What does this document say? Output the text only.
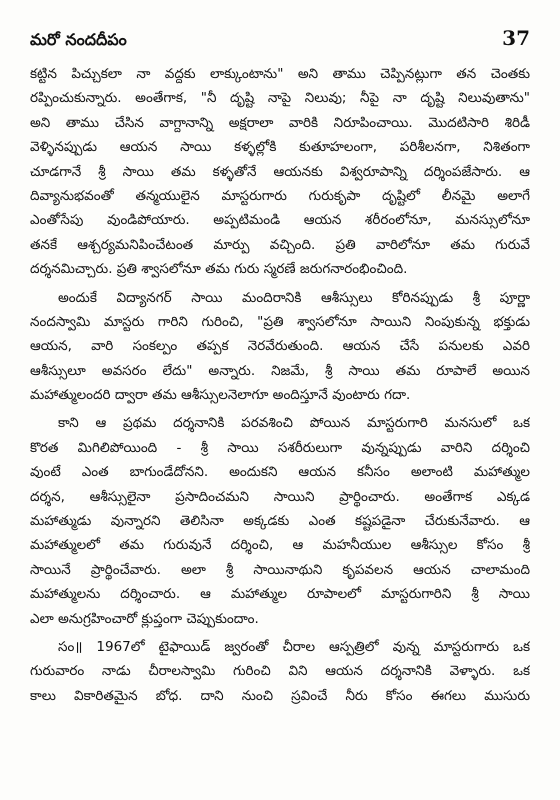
మరో నందదీపం	37
కట్టిన పిచ్చుకలా నా వద్దకు లాక్కుంటాను" అని తాము చెప్పినట్లుగా తన చెంతకు
రప్పించుకున్నారు. అంతేగాక, "నీ దృష్టి నాపై నిలువు; నీపై నా దృష్టి నిలువుతాను"
అని తాము చేసిన వాగ్దానాన్ని అక్షరాలా వారికి నిరూపించాయి. మొదటిసారి శిరిడీ
వెళ్ళినప్పుడు ఆయన సాయి కళ్ళల్లోకి కుతూహలంగా, పరిశీలనగా, నిశితంగా
చూడగానే శ్రీ సాయి తమ కళ్ళతోనే ఆయనకు విశ్వరూపాన్ని దర్శింపజేసారు. ఆ
దివ్యానుభవంతో తన్మయులైన మాస్టరుగారు గురుకృపా దృష్టిలో లీనమై అలాగే
ఎంతోసేపు వుండిపోయారు. అప్పటిమండి ఆయన శరీరంలోనూ, మనస్సులోనూ
తనకే ఆశ్చర్యమనిపించేటంత మార్పు వచ్చింది. ప్రతి వారిలోనూ తమ గురువే
దర్శనమిచ్చారు. ప్రతి శ్వాసలోనూ తమ గురు స్మరణే జరుగనారంభించింది.
అందుకే విద్యానగర్ సాయి మందిరానికి ఆశీస్సులు కోరినప్పుడు శ్రీ పూర్ణా
నందస్వామి మాస్టరు గారిని గురించి, "ప్రతి శ్వాసలోనూ సాయిని నింపుకున్న భక్తుడు
ఆయన, వారి సంకల్పం తప్పక నెరవేరుతుంది. ఆయన చేసే పనులకు ఎవరి
ఆశీస్సులూ అవసరం లేదు" అన్నారు. నిజమే, శ్రీ సాయి తమ రూపాలే అయిన
మహాత్ములందరి ద్వారా తమ ఆశీస్సులనెలాగూ అందిస్తూనే వుంటారు గదా.
కాని ఆ ప్రథమ దర్శనానికి పరవశించి పోయిన మాస్టరుగారి మనసులో ఒక
కొరత మిగిలిపోయింది - శ్రీ సాయి సశరీరులుగా వున్నప్పుడు వారిని దర్శించి
వుంటే ఎంత బాగుండేదోనని. అందుకని ఆయన కనీసం అలాంటి మహాత్ముల
దర్శన, ఆశీస్సులైనా ప్రసాదించమని సాయిని ప్రార్థించారు. అంతేగాక ఎక్కడ
మహాత్ముడు వున్నారని తెలిసినా అక్కడకు ఎంత కష్టపడైనా చేరుకునేవారు. ఆ
మహాత్ములలో తమ గురువునే దర్శించి, ఆ మహనీయుల ఆశీస్సుల కోసం శ్రీ
సాయినే ప్రార్థించేవారు. అలా శ్రీ సాయినాథుని కృపవలన ఆయన చాలామంది
మహాత్ములను దర్శించారు. ఆ మహాత్ముల రూపాలలో మాస్టరుగారిని శ్రీ సాయి
ఎలా అనుగ్రహించారో క్లుప్తంగా చెప్పుకుందాం.
సం॥ 1967లో టైఫాయిడ్ జ్వరంతో చీరాల ఆస్పత్రిలో వున్న మాస్టరుగారు ఒక
గురువారం నాడు చీరాలస్వామి గురించి విని ఆయన దర్శనానికి వెళ్ళారు. ఒక
కాలు వికారితమైన బోధ. దాని నుంచి స్రవించే నీరు కోసం ఈగలు ముసురు
